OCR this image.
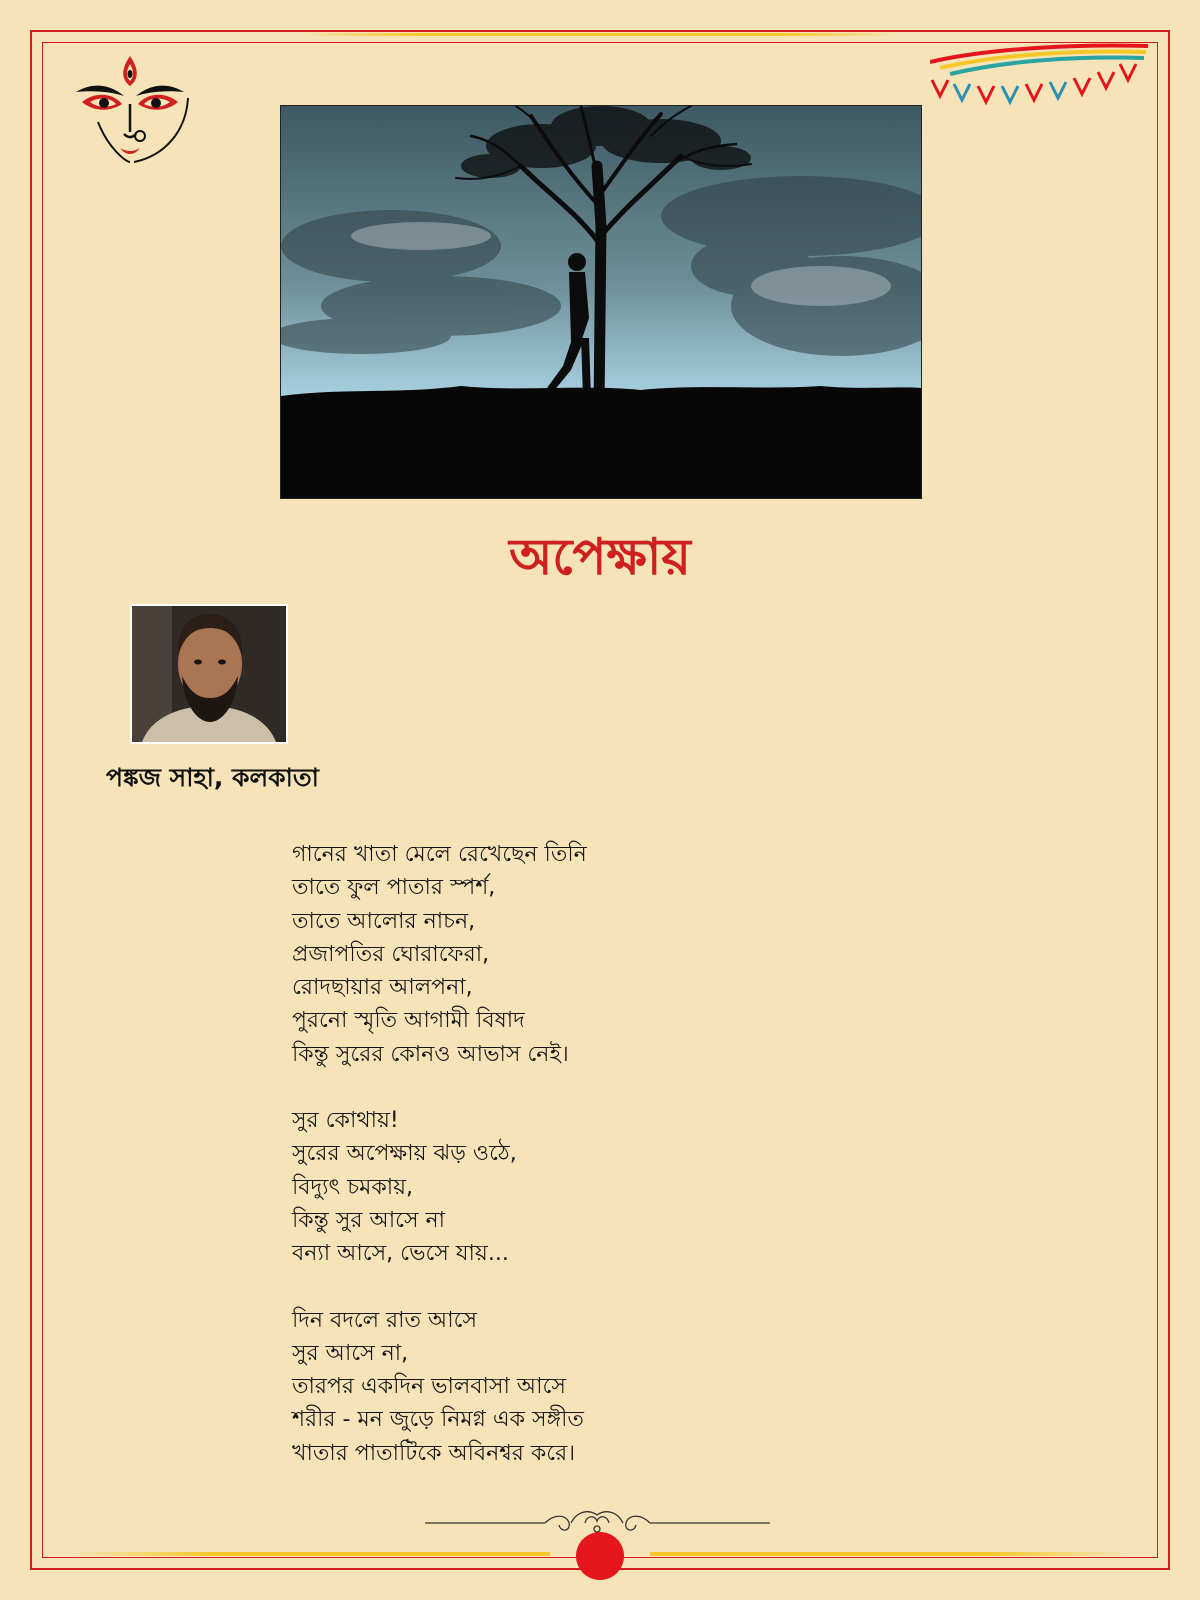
অপেক্ষায়

পঙ্কজ সাহা, কলকাতা

গানের খাতা মেলে রেখেছেন তিনি
তাতে ফুল পাতার স্পর্শ,
তাতে আলোর নাচন,
প্রজাপতির ঘোরাফেরা,
রোদছায়ার আলপনা,
পুরনো স্মৃতি আগামী বিষাদ
কিন্তু সুরের কোনও আভাস নেই।
সুর কোথায়!
সুরের অপেক্ষায় ঝড় ওঠে,
বিদ্যুৎ চমকায়,
কিন্তু সুর আসে না
বন্যা আসে, ভেসে যায়...
দিন বদলে রাত আসে
সুর আসে না,
তারপর একদিন ভালবাসা আসে
শরীর - মন জুড়ে নিমগ্ন এক সঙ্গীত
খাতার পাতাটিকে অবিনশ্বর করে।
